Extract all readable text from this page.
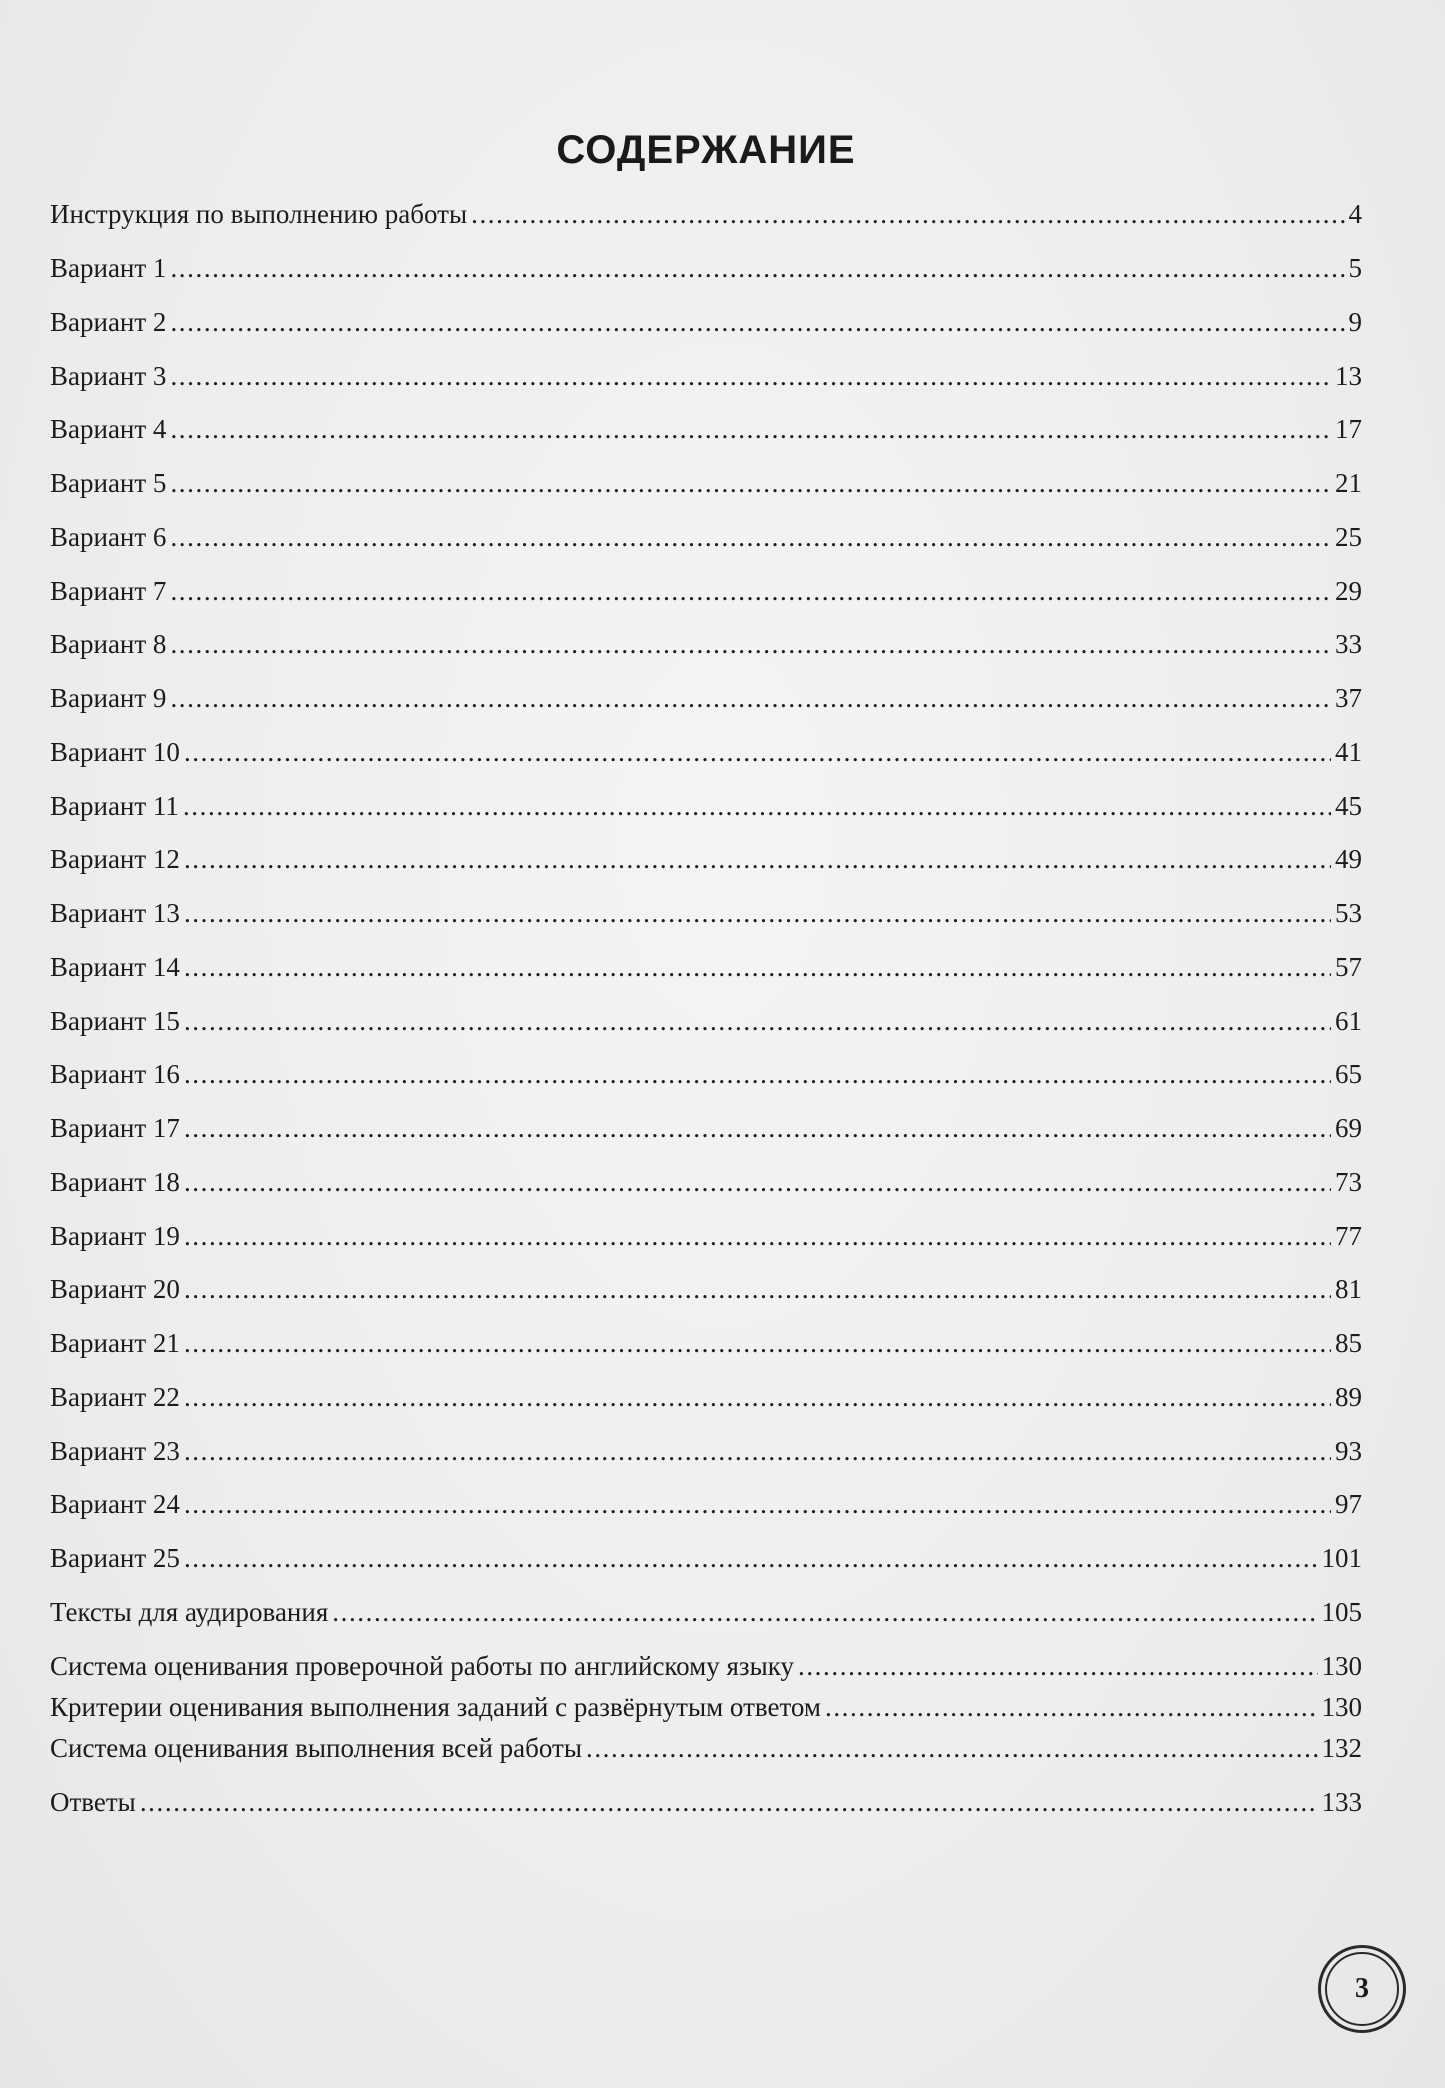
СОДЕРЖАНИЕ
Инструкция по выполнению работы .....	4
Вариант 1 .....	5
Вариант 2 .....	9
Вариант 3 .....	13
Вариант 4 .....	17
Вариант 5 .....	21
Вариант 6 .....	25
Вариант 7 .....	29
Вариант 8 .....	33
Вариант 9 .....	37
Вариант 10 .....	41
Вариант 11 .....	45
Вариант 12 .....	49
Вариант 13 .....	53
Вариант 14 .....	57
Вариант 15 .....	61
Вариант 16 .....	65
Вариант 17 .....	69
Вариант 18 .....	73
Вариант 19 .....	77
Вариант 20 .....	81
Вариант 21 .....	85
Вариант 22 .....	89
Вариант 23 .....	93
Вариант 24 .....	97
Вариант 25 .....	101
Тексты для аудирования .....	105
Система оценивания проверочной работы по английскому языку .....	130
Критерии оценивания выполнения заданий с развёрнутым ответом .....	130
Система оценивания выполнения всей работы .....	132
Ответы .....	133
3
